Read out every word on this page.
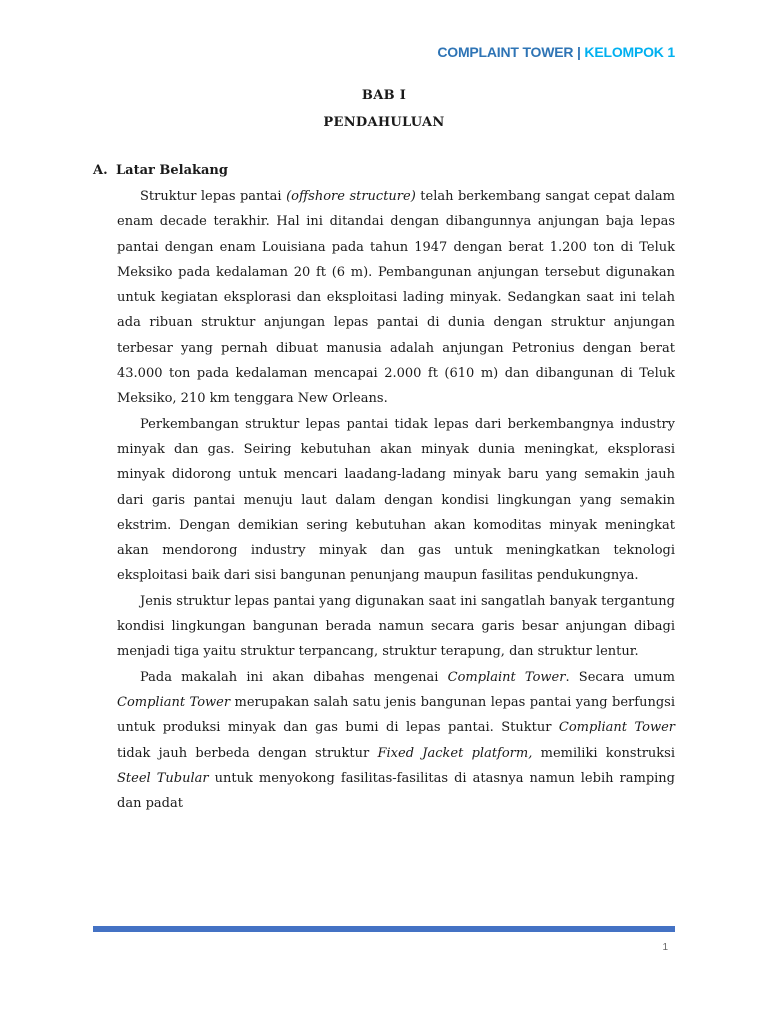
COMPLAINT TOWER | KELOMPOK 1
BAB I
PENDAHULUAN
A. Latar Belakang

Struktur lepas pantai (offshore structure) telah berkembang sangat cepat dalam enam decade terakhir. Hal ini ditandai dengan dibangunnya anjungan baja lepas pantai dengan enam Louisiana pada tahun 1947 dengan berat 1.200 ton di Teluk Meksiko pada kedalaman 20 ft (6 m). Pembangunan anjungan tersebut digunakan untuk kegiatan eksplorasi dan eksploitasi lading minyak. Sedangkan saat ini telah ada ribuan struktur anjungan lepas pantai di dunia dengan struktur anjungan terbesar yang pernah dibuat manusia adalah anjungan Petronius dengan berat 43.000 ton pada kedalaman mencapai 2.000 ft (610 m) dan dibangunan di Teluk Meksiko, 210 km tenggara New Orleans.

Perkembangan struktur lepas pantai tidak lepas dari berkembangnya industry minyak dan gas. Seiring kebutuhan akan minyak dunia meningkat, eksplorasi minyak didorong untuk mencari laadang-ladang minyak baru yang semakin jauh dari garis pantai menuju laut dalam dengan kondisi lingkungan yang semakin ekstrim. Dengan demikian sering kebutuhan akan komoditas minyak meningkat akan mendorong industry minyak dan gas untuk meningkatkan teknologi eksploitasi baik dari sisi bangunan penunjang maupun fasilitas pendukungnya.

Jenis struktur lepas pantai yang digunakan saat ini sangatlah banyak tergantung kondisi lingkungan bangunan berada namun secara garis besar anjungan dibagi menjadi tiga yaitu struktur terpancang, struktur terapung, dan struktur lentur.

Pada makalah ini akan dibahas mengenai Complaint Tower. Secara umum Compliant Tower merupakan salah satu jenis bangunan lepas pantai yang berfungsi untuk produksi minyak dan gas bumi di lepas pantai. Stuktur Compliant Tower tidak jauh berbeda dengan struktur Fixed Jacket platform, memiliki konstruksi Steel Tubular untuk menyokong fasilitas-fasilitas di atasnya namun lebih ramping dan padat

1
